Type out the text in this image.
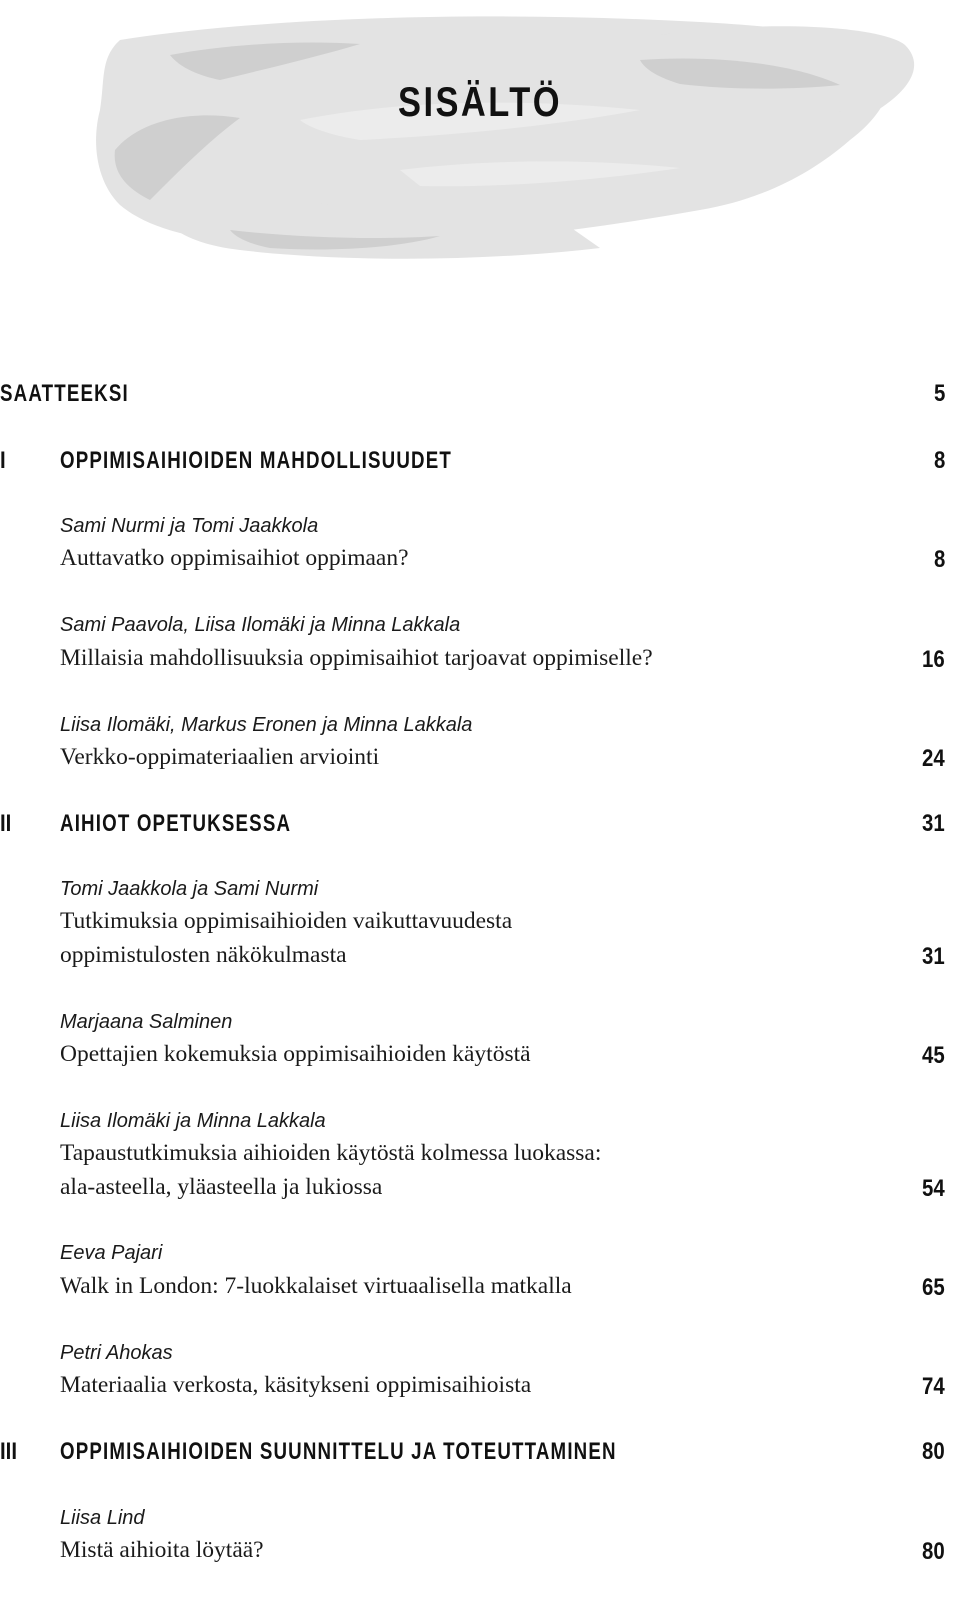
SISÄLTÖ
SAATTEEKSI	5
I OPPIMISAIHIOIDEN MAHDOLLISUUDET	8
Sami Nurmi ja Tomi Jaakkola
Auttavatko oppimisaihiot oppimaan?	8
Sami Paavola, Liisa Ilomäki ja Minna Lakkala
Millaisia mahdollisuuksia oppimisaihiot tarjoavat oppimiselle?	16
Liisa Ilomäki, Markus Eronen ja Minna Lakkala
Verkko-oppimateriaalien arviointi	24
II AIHIOT OPETUKSESSA	31
Tomi Jaakkola ja Sami Nurmi
Tutkimuksia oppimisaihioiden vaikuttavuudesta
oppimistulosten näkökulmasta	31
Marjaana Salminen
Opettajien kokemuksia oppimisaihioiden käytöstä	45
Liisa Ilomäki ja Minna Lakkala
Tapaustutkimuksia aihioiden käytöstä kolmessa luokassa:
ala-asteella, yläasteella ja lukiossa	54
Eeva Pajari
Walk in London: 7-luokkalaiset virtuaalisella matkalla	65
Petri Ahokas
Materiaalia verkosta, käsitykseni oppimisaihioista	74
III OPPIMISAIHIOIDEN SUUNNITTELU JA TOTEUTTAMINEN	80
Liisa Lind
Mistä aihioita löytää?	80
